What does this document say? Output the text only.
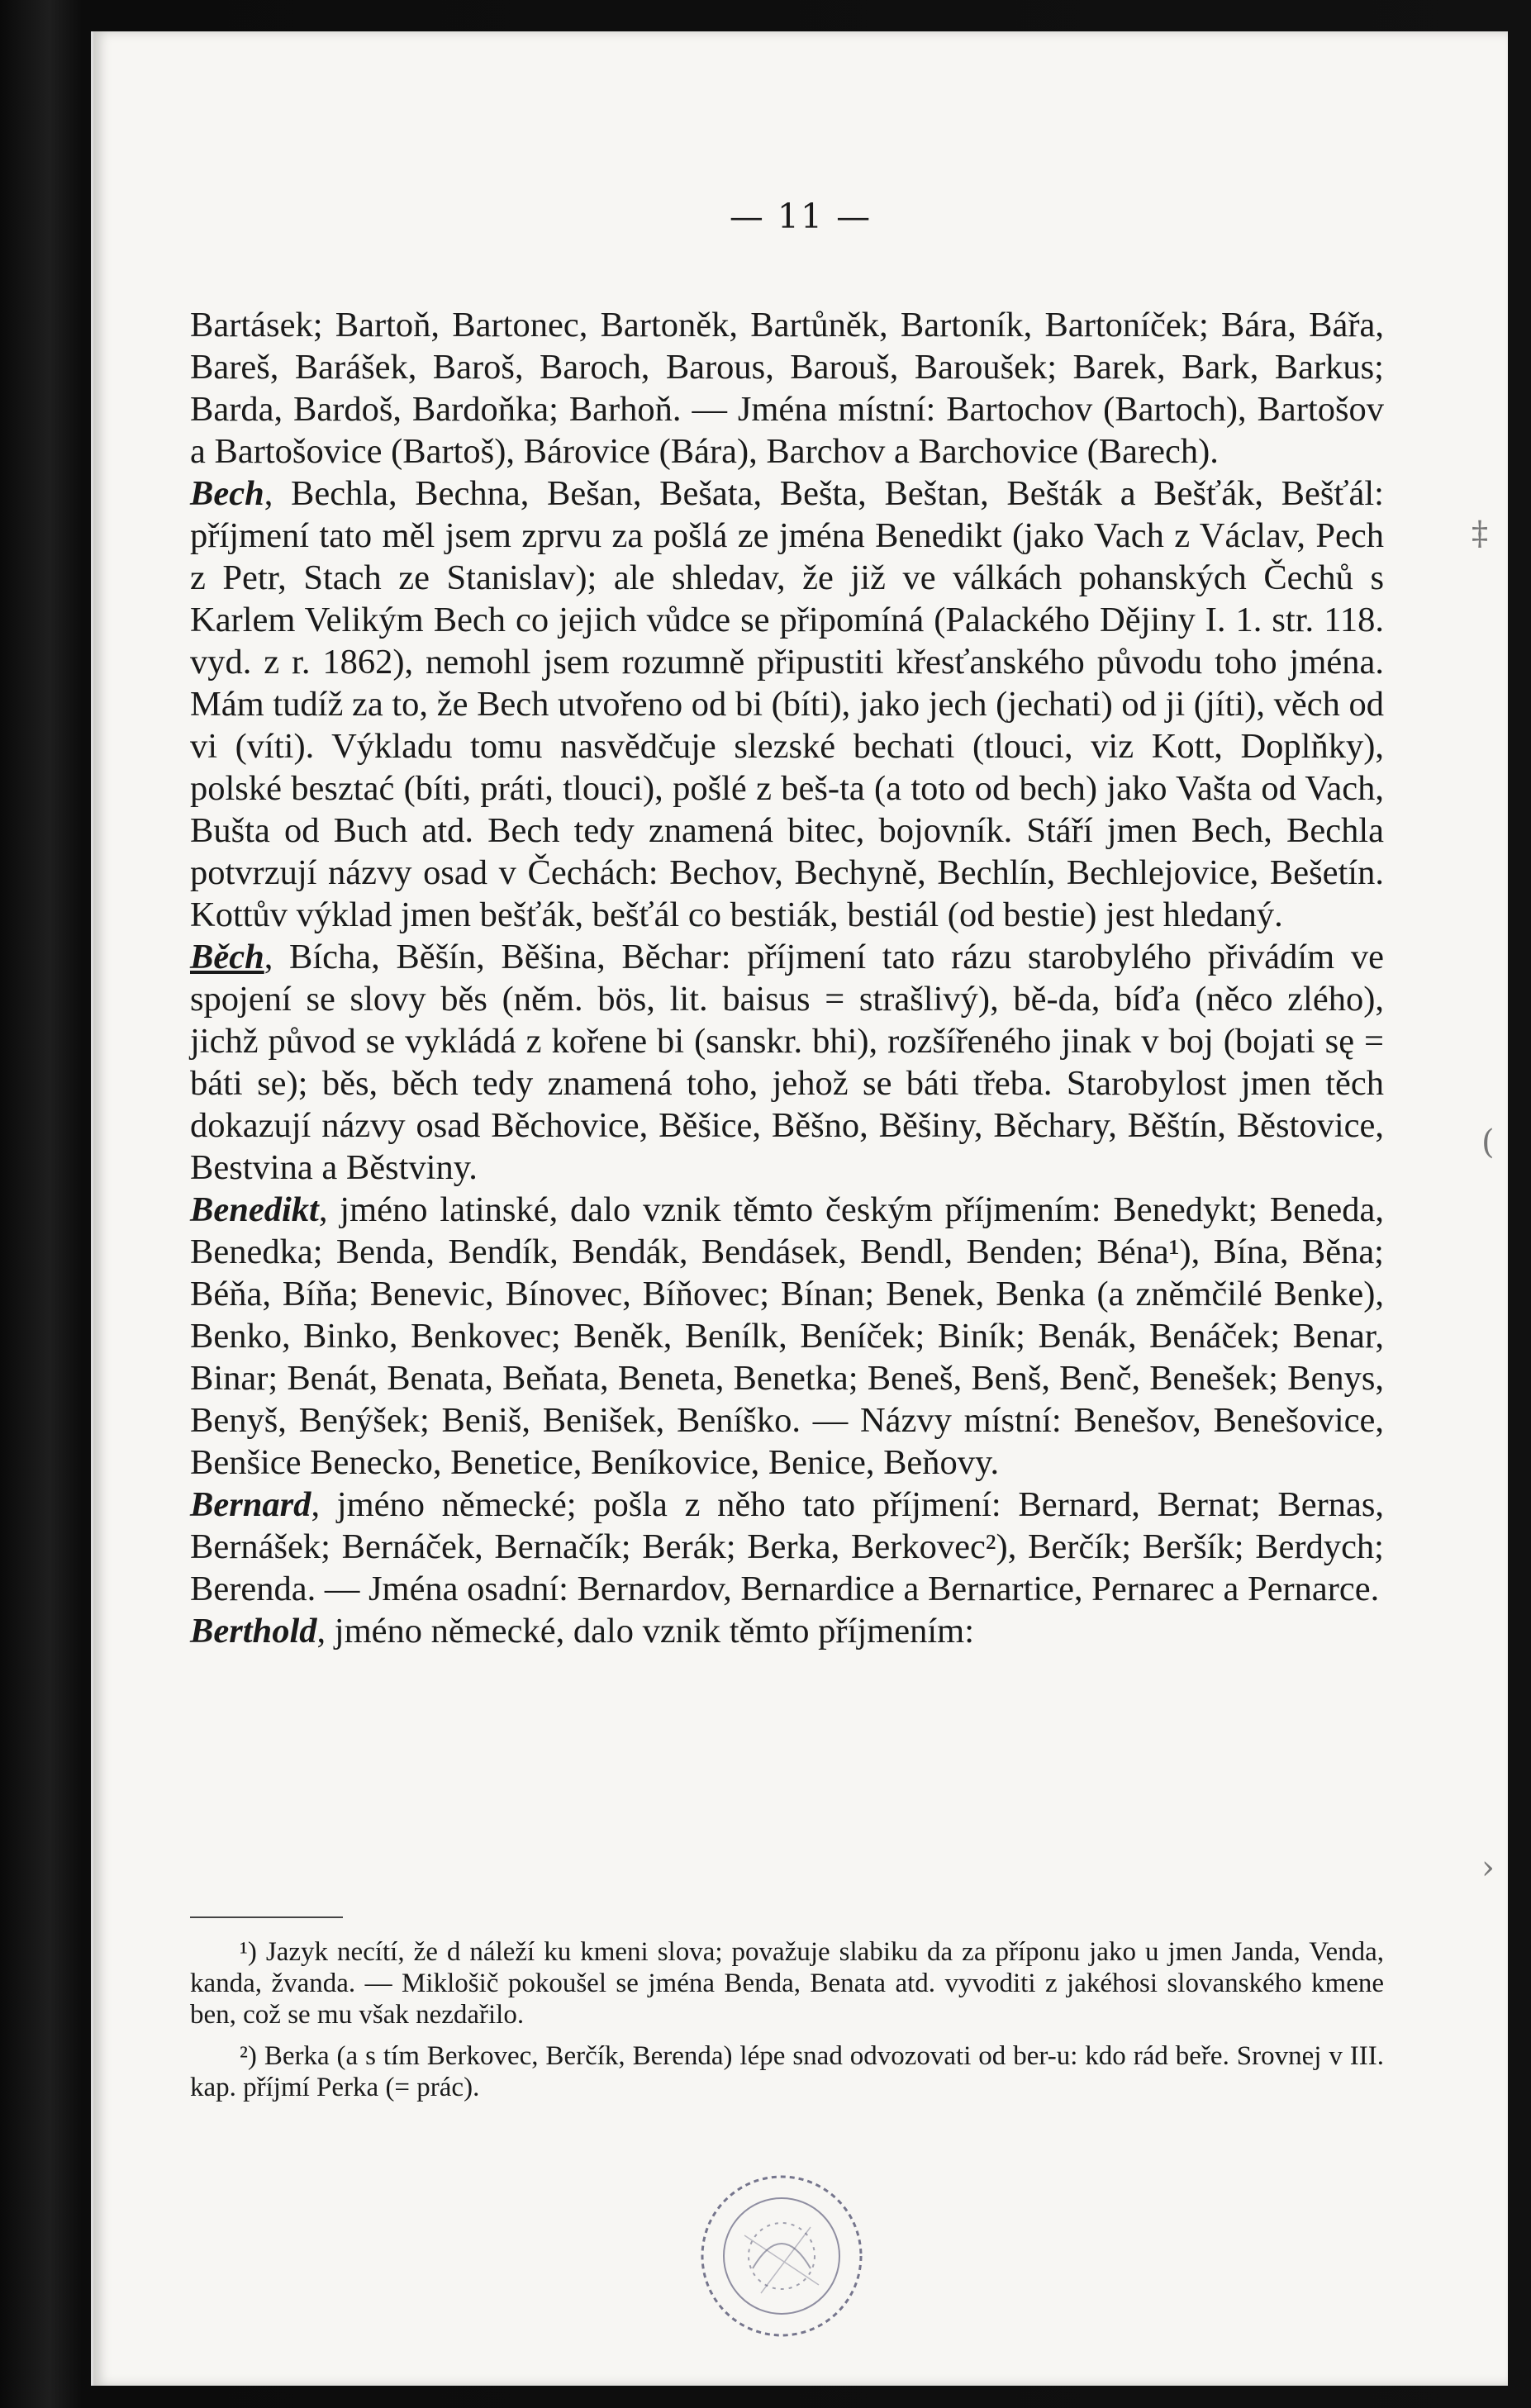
— 11 —

Bartásek; Bartoň, Bartonec, Bartoněk, Bartůněk, Bartoník, Bartoníček; Bára, Bářa, Bareš, Barášek, Baroš, Baroch, Barous, Barouš, Baroušek; Barek, Bark, Barkus; Barda, Bardoš, Bardoňka; Barhoň. — Jména místní: Bartochov (Bartoch), Bartošov a Bartošovice (Bartoš), Bárovice (Bára), Barchov a Barchovice (Barech).

Bech, Bechla, Bechna, Bešan, Bešata, Bešta, Beštan, Bešták a Bešťák, Bešťál: příjmení tato měl jsem zprvu za pošlá ze jména Benedikt (jako Vach z Václav, Pech z Petr, Stach ze Stanislav); ale shledav, že již ve válkách pohanských Čechů s Karlem Velikým Bech co jejich vůdce se připomíná (Palackého Dějiny I. 1. str. 118. vyd. z r. 1862), nemohl jsem rozumně připustiti křesťanského původu toho jména. Mám tudíž za to, že Bech utvořeno od bi (bíti), jako jech (jechati) od ji (jíti), věch od vi (víti). Výkladu tomu nasvědčuje slezské bechati (tlouci, viz Kott, Doplňky), polské besztać (bíti, práti, tlouci), pošlé z beš-ta (a toto od bech) jako Vašta od Vach, Bušta od Buch atd. Bech tedy znamená bitec, bojovník. Stáří jmen Bech, Bechla potvrzují názvy osad v Čechách: Bechov, Bechyně, Bechlín, Bechlejovice, Bešetín. Kottův výklad jmen bešťák, bešťál co bestiák, bestiál (od bestie) jest hledaný.

Běch, Bícha, Běšín, Běšina, Běchar: příjmení tato rázu starobylého přivádím ve spojení se slovy běs (něm. bös, lit. baisus = strašlivý), bě-da, bíďa (něco zlého), jichž původ se vykládá z kořene bi (sanskr. bhi), rozšířeného jinak v boj (bojati sę = báti se); běs, běch tedy znamená toho, jehož se báti třeba. Starobylost jmen těch dokazují názvy osad Běchovice, Běšice, Běšno, Běšiny, Běchary, Běštín, Běstovice, Bestvina a Běstviny.

Benedikt, jméno latinské, dalo vznik těmto českým příjmením: Benedykt; Beneda, Benedka; Benda, Bendík, Bendák, Bendásek, Bendl, Benden; Béna¹), Bína, Běna; Béňa, Bíňa; Benevic, Bínovec, Bíňovec; Bínan; Benek, Benka (a zněmčilé Benke), Benko, Binko, Benkovec; Beněk, Benílk, Beníček; Biník; Benák, Benáček; Benar, Binar; Benát, Benata, Beňata, Beneta, Benetka; Beneš, Benš, Benč, Benešek; Benys, Benyš, Benýšek; Beniš, Benišek, Beníško. — Názvy místní: Benešov, Benešovice, Benšice Benecko, Benetice, Beníkovice, Benice, Beňovy.

Bernard, jméno německé; pošla z něho tato příjmení: Bernard, Bernat; Bernas, Bernášek; Bernáček, Bernačík; Berák; Berka, Berkovec²), Berčík; Beršík; Berdych; Berenda. — Jména osadní: Bernardov, Bernardice a Bernartice, Pernarec a Pernarce.

Berthold, jméno německé, dalo vznik těmto příjmením:

¹) Jazyk necítí, že d náleží ku kmeni slova; považuje slabiku da za příponu jako u jmen Janda, Venda, kanda, žvanda. — Miklošič pokoušel se jména Benda, Benata atd. vyvoditi z jakéhosi slovanského kmene ben, což se mu však nezdařilo.

²) Berka (a s tím Berkovec, Berčík, Berenda) lépe snad odvozovati od ber-u: kdo rád beře. Srovnej v III. kap. příjmí Perka (= prác).

‡
(
›
